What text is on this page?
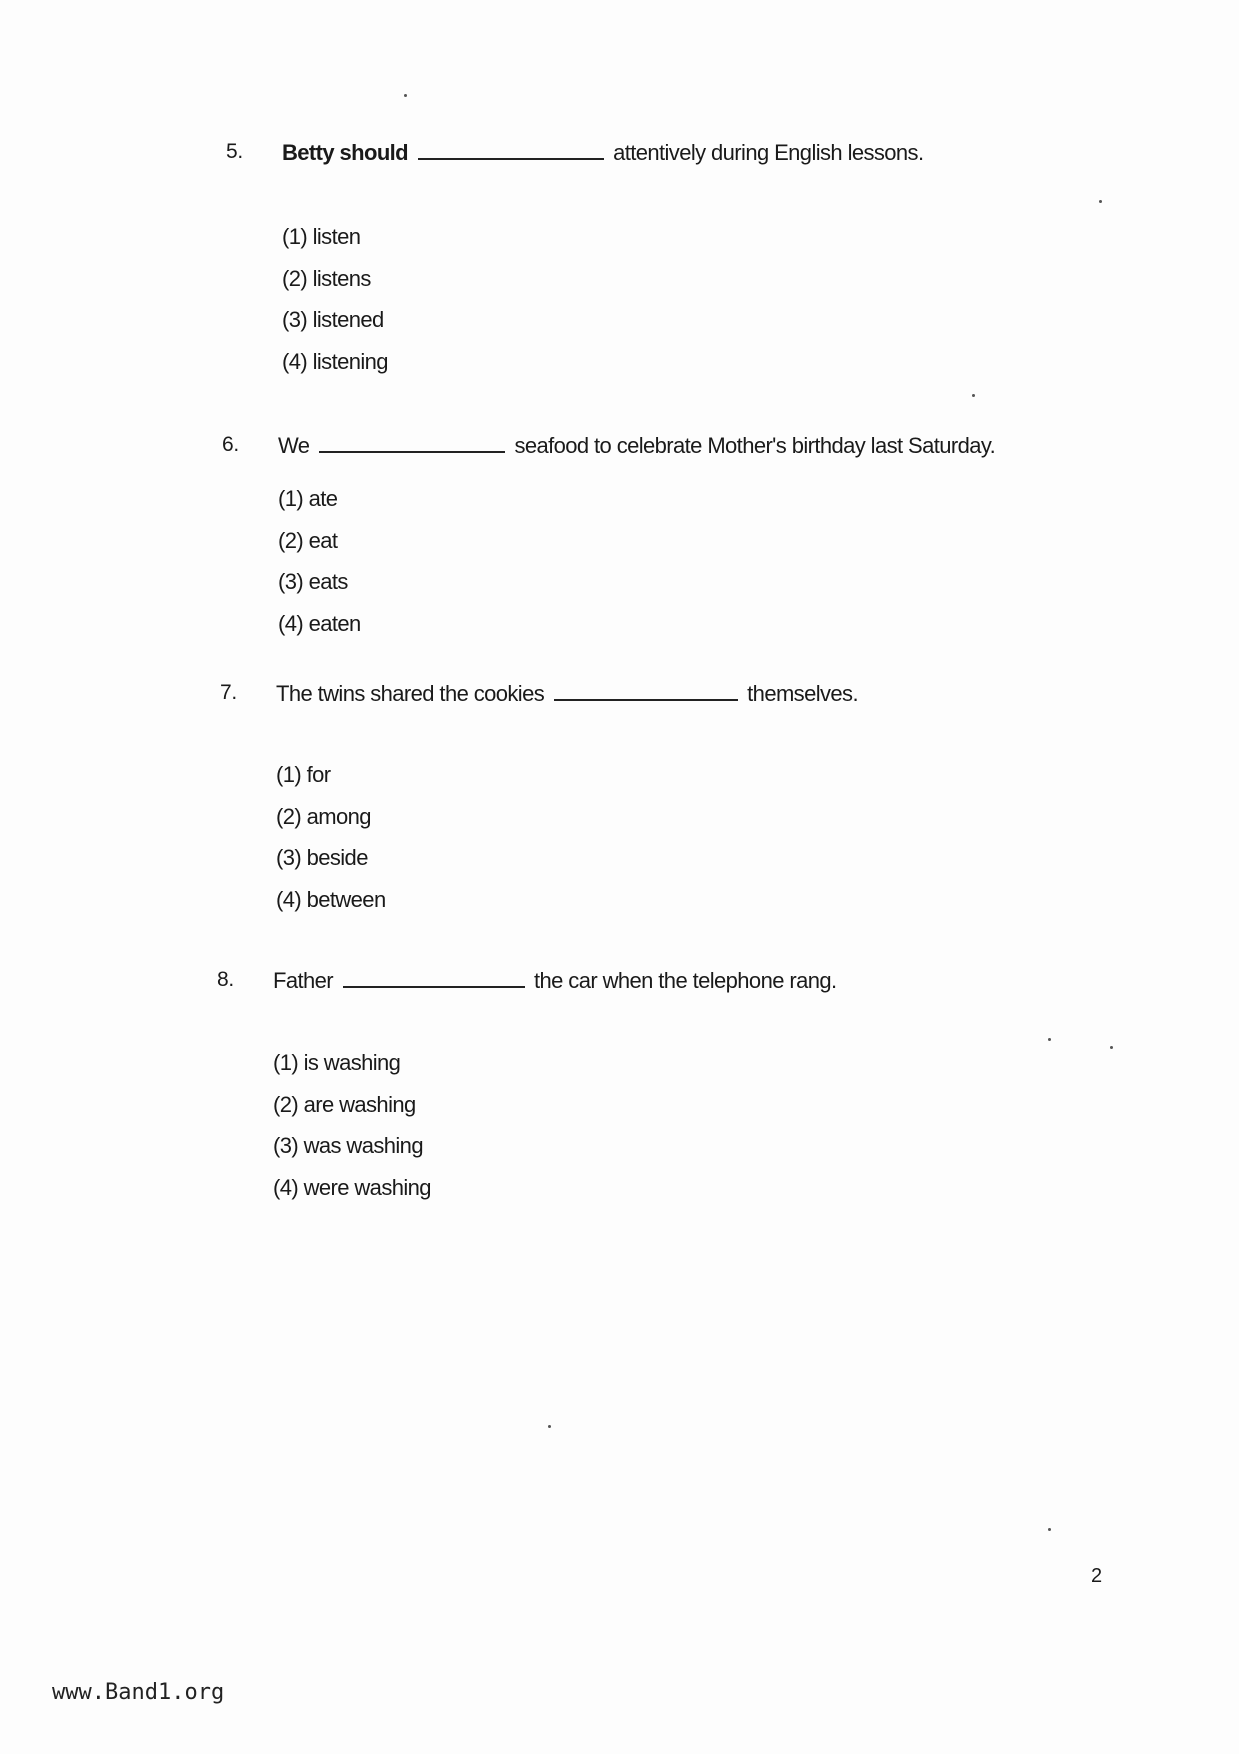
5. Betty should	attentively during English lessons.
(1) listen
(2) listens
(3) listened
(4) listening
6. We	seafood to celebrate Mother's birthday last Saturday.
(1) ate
(2) eat
(3) eats
(4) eaten
7. The twins shared the cookies	themselves.
(1) for
(2) among
(3) beside
(4) between
8. Father	the car when the telephone rang.
(1) is washing
(2) are washing
(3) was washing
(4) were washing
2
www.Band1.org
